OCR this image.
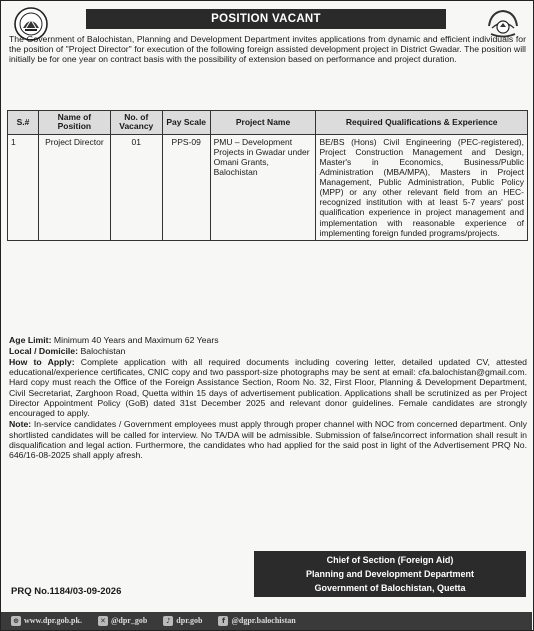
POSITION VACANT
The Government of Balochistan, Planning and Development Department invites applications from dynamic and efficient individuals for the position of "Project Director" for execution of the following foreign assisted development project in District Gwadar. The position will initially be for one year on contract basis with the possibility of extension based on performance and project duration.
S.#	Name of Position	No. of Vacancy	Pay Scale	Project Name	Required Qualifications & Experience
1	Project Director	01	PPS-09	PMU – Development Projects in Gwadar under Omani Grants, Balochistan	BE/BS (Hons) Civil Engineering (PEC-registered), Project Construction Management and Design, Master's in Economics, Business/Public Administration (MBA/MPA), Masters in Project Management, Public Administration, Public Policy (MPP) or any other relevant field from an HEC-recognized institution with at least 5-7 years' post qualification experience in project management and implementation with reasonable experience of implementing foreign funded programs/projects.

Age Limit: Minimum 40 Years and Maximum 62 Years

Local / Domicile: Balochistan

How to Apply: Complete application with all required documents including covering letter, detailed updated CV, attested educational/experience certificates, CNIC copy and two passport-size photographs may be sent at email: cfa.balochistan@gmail.com. Hard copy must reach the Office of the Foreign Assistance Section, Room No. 32, First Floor, Planning & Development Department, Civil Secretariat, Zarghoon Road, Quetta within 15 days of advertisement publication. Applications shall be scrutinized as per Project Director Appointment Policy (GoB) dated 31st December 2025 and relevant donor guidelines. Female candidates are strongly encouraged to apply.

Note: In-service candidates / Government employees must apply through proper channel with NOC from concerned department. Only shortlisted candidates will be called for interview. No TA/DA will be admissible. Submission of false/incorrect information shall result in disqualification and legal action. Furthermore, the candidates who had applied for the said post in light of the Advertisement PRQ No. 646/16-08-2025 shall apply afresh.

Chief of Section (Foreign Aid)
Planning and Development Department
Government of Balochistan, Quetta
PRQ No.1184/03-09-2026
⊕ www.dpr.gob.pk.	✕ @dpr_gob	♪ dpr.gob	f @dgpr.balochistan
